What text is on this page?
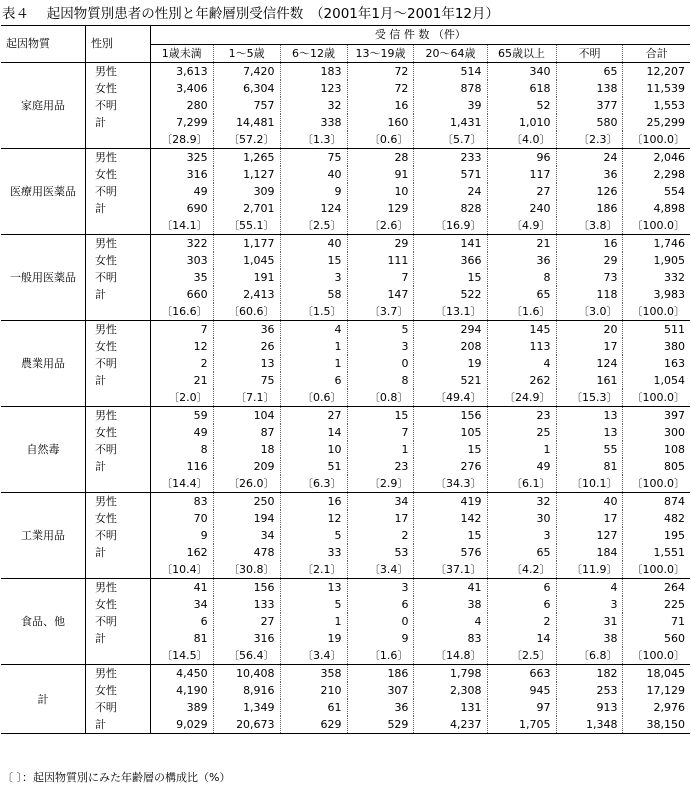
表４　 起因物質別患者の性別と年齢層別受信件数　（2001年1月～2001年12月）
起因物質	性別	受 信 件 数 （件）							
		1歳未満	1～5歳	6～12歳	13～19歳	20～64歳	65歳以上	不明	合計
家庭用品	男性	3,613	7,420	183	72	514	340	65	12,207
	女性	3,406	6,304	123	72	878	618	138	11,539
	不明	280	757	32	16	39	52	377	1,553
	計	7,299	14,481	338	160	1,431	1,010	580	25,299
		〔28.9〕	〔57.2〕	〔1.3〕	〔0.6〕	〔5.7〕	〔4.0〕	〔2.3〕	〔100.0〕
医療用医薬品	男性	325	1,265	75	28	233	96	24	2,046
	女性	316	1,127	40	91	571	117	36	2,298
	不明	49	309	9	10	24	27	126	554
	計	690	2,701	124	129	828	240	186	4,898
		〔14.1〕	〔55.1〕	〔2.5〕	〔2.6〕	〔16.9〕	〔4.9〕	〔3.8〕	〔100.0〕
一般用医薬品	男性	322	1,177	40	29	141	21	16	1,746
	女性	303	1,045	15	111	366	36	29	1,905
	不明	35	191	3	7	15	8	73	332
	計	660	2,413	58	147	522	65	118	3,983
		〔16.6〕	〔60.6〕	〔1.5〕	〔3.7〕	〔13.1〕	〔1.6〕	〔3.0〕	〔100.0〕
農業用品	男性	7	36	4	5	294	145	20	511
	女性	12	26	1	3	208	113	17	380
	不明	2	13	1	0	19	4	124	163
	計	21	75	6	8	521	262	161	1,054
		〔2.0〕	〔7.1〕	〔0.6〕	〔0.8〕	〔49.4〕	〔24.9〕	〔15.3〕	〔100.0〕
自然毒	男性	59	104	27	15	156	23	13	397
	女性	49	87	14	7	105	25	13	300
	不明	8	18	10	1	15	1	55	108
	計	116	209	51	23	276	49	81	805
		〔14.4〕	〔26.0〕	〔6.3〕	〔2.9〕	〔34.3〕	〔6.1〕	〔10.1〕	〔100.0〕
工業用品	男性	83	250	16	34	419	32	40	874
	女性	70	194	12	17	142	30	17	482
	不明	9	34	5	2	15	3	127	195
	計	162	478	33	53	576	65	184	1,551
		〔10.4〕	〔30.8〕	〔2.1〕	〔3.4〕	〔37.1〕	〔4.2〕	〔11.9〕	〔100.0〕
食品、他	男性	41	156	13	3	41	6	4	264
	女性	34	133	5	6	38	6	3	225
	不明	6	27	1	0	4	2	31	71
	計	81	316	19	9	83	14	38	560
		〔14.5〕	〔56.4〕	〔3.4〕	〔1.6〕	〔14.8〕	〔2.5〕	〔6.8〕	〔100.0〕
計	男性	4,450	10,408	358	186	1,798	663	182	18,045
	女性	4,190	8,916	210	307	2,308	945	253	17,129
	不明	389	1,349	61	36	131	97	913	2,976
	計	9,029	20,673	629	529	4,237	1,705	1,348	38,150
〔 〕：起因物質別にみた年齢層の構成比（%）
